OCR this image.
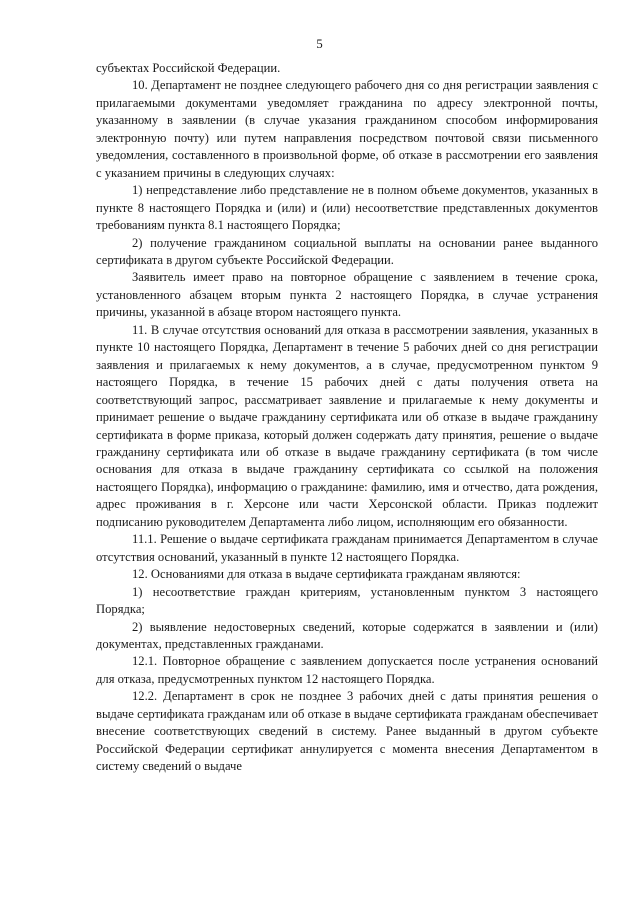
5

субъектах Российской Федерации.

10. Департамент не позднее следующего рабочего дня со дня регистрации заявления с прилагаемыми документами уведомляет гражданина по адресу электронной почты, указанному в заявлении (в случае указания гражданином способом информирования электронную почту) или путем направления посредством почтовой связи письменного уведомления, составленного в произвольной форме, об отказе в рассмотрении его заявления с указанием причины в следующих случаях:

1) непредставление либо представление не в полном объеме документов, указанных в пункте 8 настоящего Порядка и (или) и (или) несоответствие представленных документов требованиям пункта 8.1 настоящего Порядка;

2) получение гражданином социальной выплаты на основании ранее выданного сертификата в другом субъекте Российской Федерации.

Заявитель имеет право на повторное обращение с заявлением в течение срока, установленного абзацем вторым пункта 2 настоящего Порядка, в случае устранения причины, указанной в абзаце втором настоящего пункта.

11. В случае отсутствия оснований для отказа в рассмотрении заявления, указанных в пункте 10 настоящего Порядка, Департамент в течение 5 рабочих дней со дня регистрации заявления и прилагаемых к нему документов, а в случае, предусмотренном пунктом 9 настоящего Порядка, в течение 15 рабочих дней с даты получения ответа на соответствующий запрос, рассматривает заявление и прилагаемые к нему документы и принимает решение о выдаче гражданину сертификата или об отказе в выдаче гражданину сертификата в форме приказа, который должен содержать дату принятия, решение о выдаче гражданину сертификата или об отказе в выдаче гражданину сертификата (в том числе основания для отказа в выдаче гражданину сертификата со ссылкой на положения настоящего Порядка), информацию о гражданине: фамилию, имя и отчество, дата рождения, адрес проживания в г. Херсоне или части Херсонской области. Приказ подлежит подписанию руководителем Департамента либо лицом, исполняющим его обязанности.

11.1. Решение о выдаче сертификата гражданам принимается Департаментом в случае отсутствия оснований, указанный в пункте 12 настоящего Порядка.

12. Основаниями для отказа в выдаче сертификата гражданам являются:

1) несоответствие граждан критериям, установленным пунктом 3 настоящего Порядка;

2) выявление недостоверных сведений, которые содержатся в заявлении и (или) документах, представленных гражданами.

12.1. Повторное обращение с заявлением допускается после устранения оснований для отказа, предусмотренных пунктом 12 настоящего Порядка.

12.2. Департамент в срок не позднее 3 рабочих дней с даты принятия решения о выдаче сертификата гражданам или об отказе в выдаче сертификата гражданам обеспечивает внесение соответствующих сведений в систему. Ранее выданный в другом субъекте Российской Федерации сертификат аннулируется с момента внесения Департаментом в систему сведений о выдаче
